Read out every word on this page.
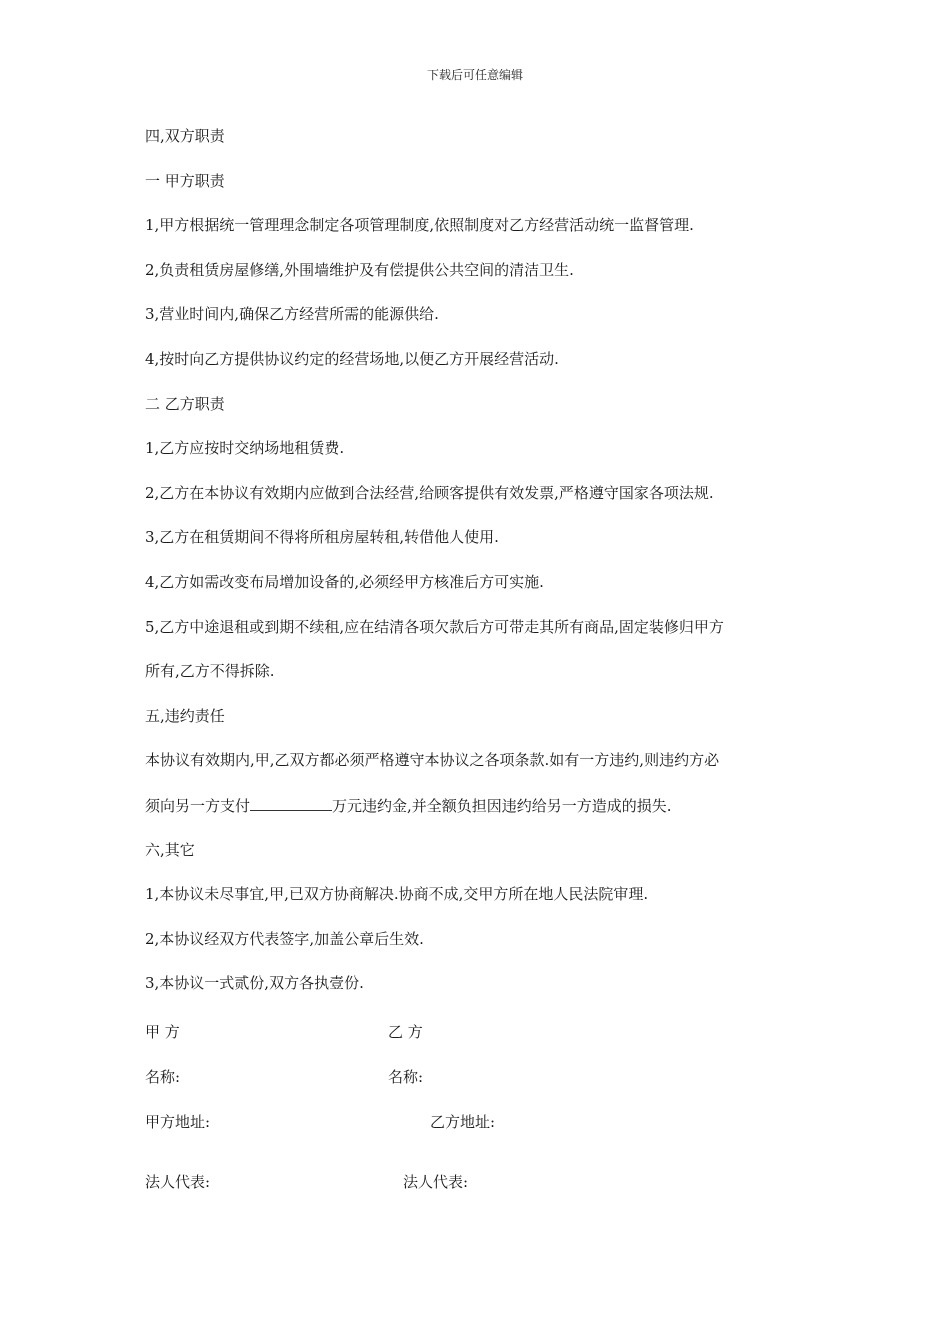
下载后可任意编辑
四,双方职责
一 甲方职责
1,甲方根据统一管理理念制定各项管理制度,依照制度对乙方经营活动统一监督管理.
2,负责租赁房屋修缮,外围墙维护及有偿提供公共空间的清洁卫生.
3,营业时间内,确保乙方经营所需的能源供给.
4,按时向乙方提供协议约定的经营场地,以便乙方开展经营活动.
二 乙方职责
1,乙方应按时交纳场地租赁费.
2,乙方在本协议有效期内应做到合法经营,给顾客提供有效发票,严格遵守国家各项法规.
3,乙方在租赁期间不得将所租房屋转租,转借他人使用.
4,乙方如需改变布局增加设备的,必须经甲方核准后方可实施.
5,乙方中途退租或到期不续租,应在结清各项欠款后方可带走其所有商品,固定装修归甲方
所有,乙方不得拆除.
五,违约责任
本协议有效期内,甲,乙双方都必须严格遵守本协议之各项条款.如有一方违约,则违约方必
须向另一方支付	万元违约金,并全额负担因违约给另一方造成的损失.
六,其它
1,本协议未尽事宜,甲,已双方协商解决.协商不成,交甲方所在地人民法院审理.
2,本协议经双方代表签字,加盖公章后生效.
3,本协议一式贰份,双方各执壹份.
甲 方	乙 方
名称:	名称:
甲方地址:	乙方地址:
法人代表:	法人代表:
